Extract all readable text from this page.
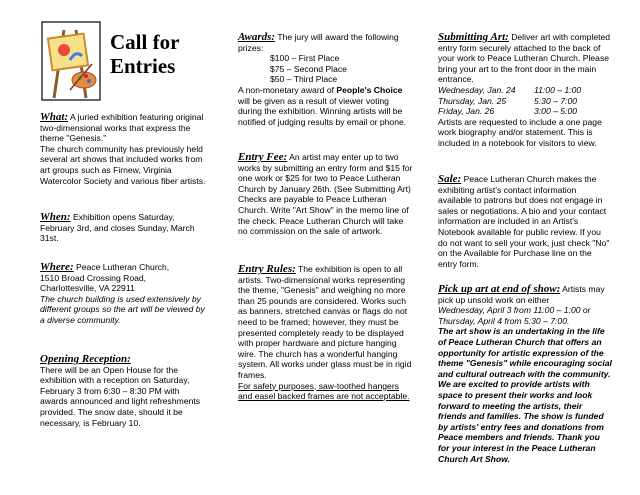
Call for
Entries

What: A juried exhibition featuring original two-dimensional works that express the theme "Genesis."

The church community has previously held several art shows that included works from art groups such as Firnew, Virginia Watercolor Society and various fiber artists.

When: Exhibition opens Saturday, February 3rd, and closes Sunday, March 31st.

Where: Peace Lutheran Church,

1510 Broad Crossing Road,

Charlottesville, VA 22911

The church building is used extensively by different groups so the art will be viewed by a diverse community.

Opening Reception:

There will be an Open House for the exhibition with a reception on Saturday, February 3 from 6:30 – 8:30 PM with awards announced and light refreshments provided. The snow date, should it be necessary, is February 10.

Awards: The jury will award the following prizes:

$100 – First Place

$75 – Second Place

$50 – Third Place

A non-monetary award of People's Choice will be given as a result of viewer voting during the exhibition. Winning artists will be notified of judging results by email or phone.

Entry Fee: An artist may enter up to two works by submitting an entry form and $15 for one work or $25 for two to Peace Lutheran Church by January 26th. (See Submitting Art) Checks are payable to Peace Lutheran Church. Write "Art Show" in the memo line of the check. Peace Lutheran Church will take no commission on the sale of artwork.

Entry Rules: The exhibition is open to all artists. Two-dimensional works representing the theme, "Genesis" and weighing no more than 25 pounds are considered. Works such as banners, stretched canvas or flags do not need to be framed; however, they must be presented completely ready to be displayed with proper hardware and picture hanging wire. The church has a wonderful hanging system. All works under glass must be in rigid frames.

For safety purposes, saw-toothed hangers and easel backed frames are not acceptable.

Submitting Art: Deliver art with completed entry form securely attached to the back of your work to Peace Lutheran Church. Please bring your art to the front door in the main entrance.

Wednesday, Jan. 24	11:00 – 1:00
Thursday, Jan. 25	5:30 – 7:00
Friday, Jan. 26	3:00 – 5:00

Artists are requested to include a one page work biography and/or statement. This is included in a notebook for visitors to view.

Sale: Peace Lutheran Church makes the exhibiting artist's contact information available to patrons but does not engage in sales or negotiations. A bio and your contact information are included in an Artist's Notebook available for public review. If you do not want to sell your work, just check "No" on the Available for Purchase line on the entry form.

Pick up art at end of show: Artists may pick up unsold work on either

Wednesday, April 3 from 11:00 – 1:00 or Thursday, April 4 from 5:30 – 7:00.

The art show is an undertaking in the life of Peace Lutheran Church that offers an opportunity for artistic expression of the theme "Genesis" while encouraging social and cultural outreach with the community. We are excited to provide artists with space to present their works and look forward to meeting the artists, their friends and families. The show is funded by artists' entry fees and donations from Peace members and friends. Thank you for your interest in the Peace Lutheran Church Art Show.
